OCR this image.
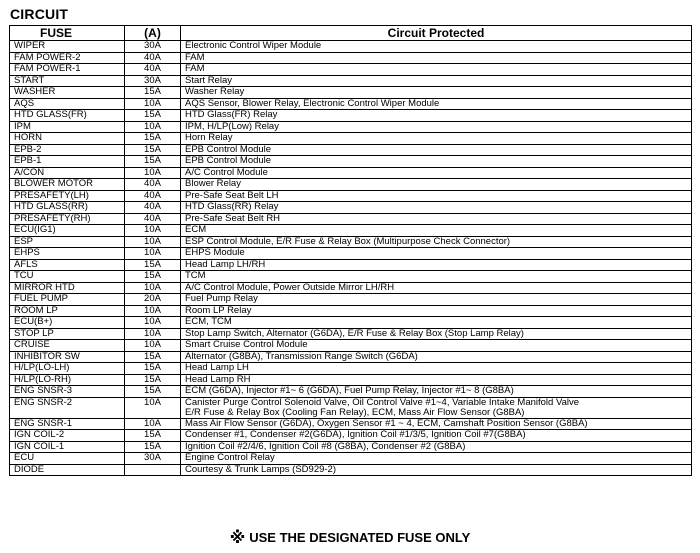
CIRCUIT
FUSE	(A)	Circuit Protected
WIPER	30A	Electronic Control Wiper Module

FAM POWER-2	40A	FAM

FAM POWER-1	40A	FAM

START	30A	Start Relay

WASHER	15A	Washer Relay

AQS	10A	AQS Sensor, Blower Relay, Electronic Control Wiper Module

HTD GLASS(FR)	15A	HTD Glass(FR) Relay

IPM	10A	IPM, H/LP(Low) Relay

HORN	15A	Horn Relay

EPB-2	15A	EPB Control Module

EPB-1	15A	EPB Control Module

A/CON	10A	A/C Control Module

BLOWER MOTOR	40A	Blower Relay

PRESAFETY(LH)	40A	Pre-Safe Seat Belt LH

HTD GLASS(RR)	40A	HTD Glass(RR) Relay

PRESAFETY(RH)	40A	Pre-Safe Seat Belt RH

ECU(IG1)	10A	ECM

ESP	10A	ESP Control Module, E/R Fuse & Relay Box (Multipurpose Check Connector)

EHPS	10A	EHPS Module

AFLS	15A	Head Lamp LH/RH

TCU	15A	TCM

MIRROR HTD	10A	A/C Control Module, Power Outside Mirror LH/RH

FUEL PUMP	20A	Fuel Pump Relay

ROOM LP	10A	Room LP Relay

ECU(B+)	10A	ECM, TCM

STOP LP	10A	Stop Lamp Switch, Alternator (G6DA), E/R Fuse & Relay Box (Stop Lamp Relay)

CRUISE	10A	Smart Cruise Control Module

INHIBITOR SW	15A	Alternator (G8BA), Transmission Range Switch (G6DA)

H/LP(LO-LH)	15A	Head Lamp LH

H/LP(LO-RH)	15A	Head Lamp RH

ENG SNSR-3	15A	ECM (G6DA), Injector #1~ 6 (G6DA), Fuel Pump Relay, Injector #1~ 8 (G8BA)

ENG SNSR-2	10A	Canister Purge Control Solenoid Valve, Oil Control Valve #1~4, Variable Intake Manifold Valve
E/R Fuse & Relay Box (Cooling Fan Relay), ECM, Mass Air Flow Sensor (G8BA)

ENG SNSR-1	10A	Mass Air Flow Sensor (G6DA), Oxygen Sensor #1 ~ 4, ECM, Camshaft Position Sensor (G8BA)

IGN COIL-2	15A	Condenser #1, Condenser #2(G6DA), Ignition Coil #1/3/5, Ignition Coil #7(G8BA)

IGN COIL-1	15A	Ignition Coil #2/4/6, Ignition Coil #8 (G8BA), Condenser #2 (G8BA)

ECU	30A	Engine Control Relay

DIODE		Courtesy & Trunk Lamps (SD929-2)
※ USE THE DESIGNATED FUSE ONLY
